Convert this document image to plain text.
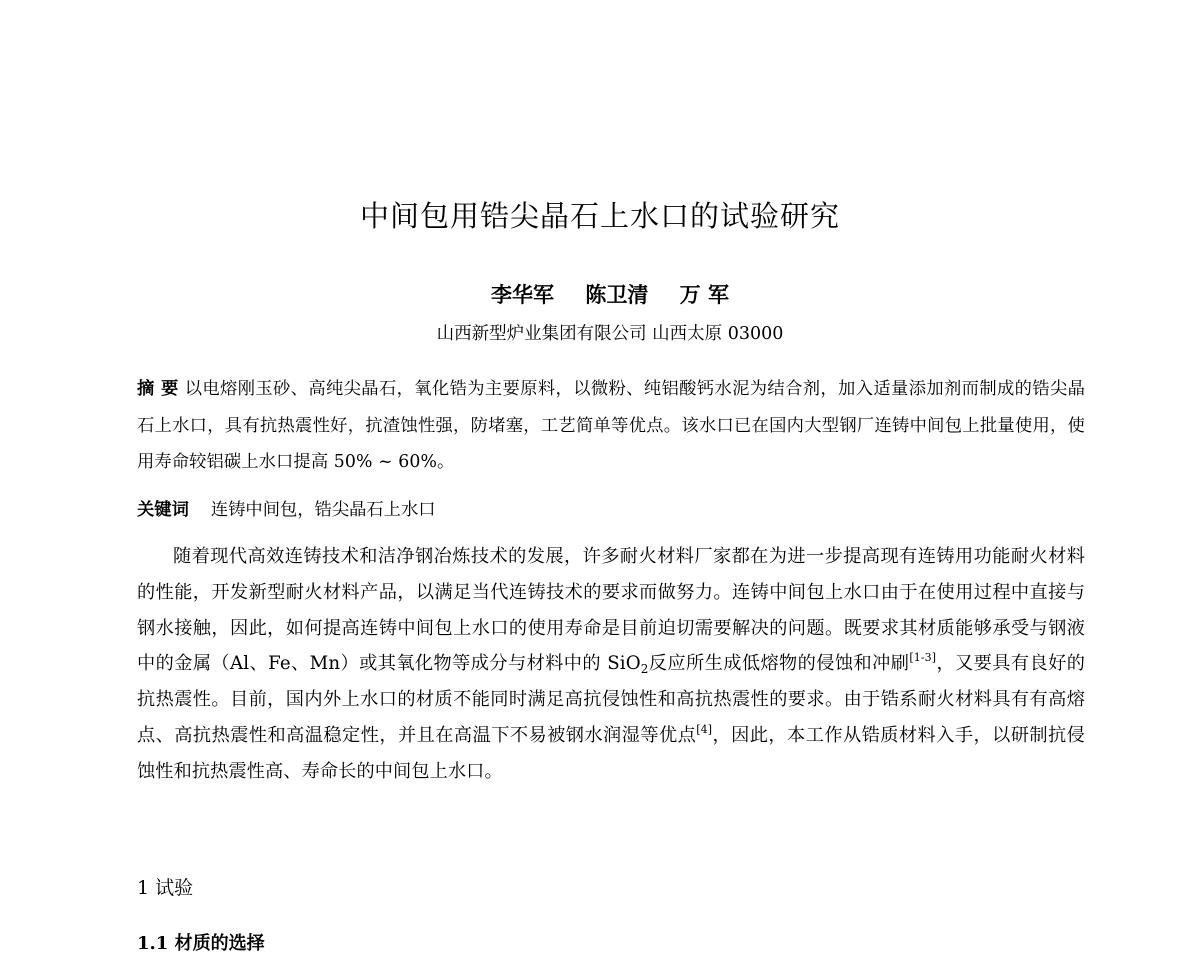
中间包用锆尖晶石上水口的试验研究
李华军 陈卫清 万 军
山西新型炉业集团有限公司 山西太原 03000
摘 要 以电熔刚玉砂、高纯尖晶石，氧化锆为主要原料，以微粉、纯铝酸钙水泥为结合剂，加入适量添加剂而制成的锆尖晶石上水口，具有抗热震性好，抗渣蚀性强，防堵塞，工艺简单等优点。该水口已在国内大型钢厂连铸中间包上批量使用，使用寿命较铝碳上水口提高 50% ~ 60%。
关键词 连铸中间包，锆尖晶石上水口
随着现代高效连铸技术和洁净钢冶炼技术的发展，许多耐火材料厂家都在为进一步提高现有连铸用功能耐火材料的性能，开发新型耐火材料产品，以满足当代连铸技术的要求而做努力。连铸中间包上水口由于在使用过程中直接与钢水接触，因此，如何提高连铸中间包上水口的使用寿命是目前迫切需要解决的问题。既要求其材质能够承受与钢液中的金属（Al、Fe、Mn）或其氧化物等成分与材料中的 SiO$_2$反应所生成低熔物的侵蚀和冲刷[1-3]，又要具有良好的抗热震性。目前，国内外上水口的材质不能同时满足高抗侵蚀性和高抗热震性的要求。由于锆系耐火材料具有有高熔点、高抗热震性和高温稳定性，并且在高温下不易被钢水润湿等优点[4]，因此，本工作从锆质材料入手，以研制抗侵蚀性和抗热震性高、寿命长的中间包上水口。
1 试验
1.1 材质的选择
